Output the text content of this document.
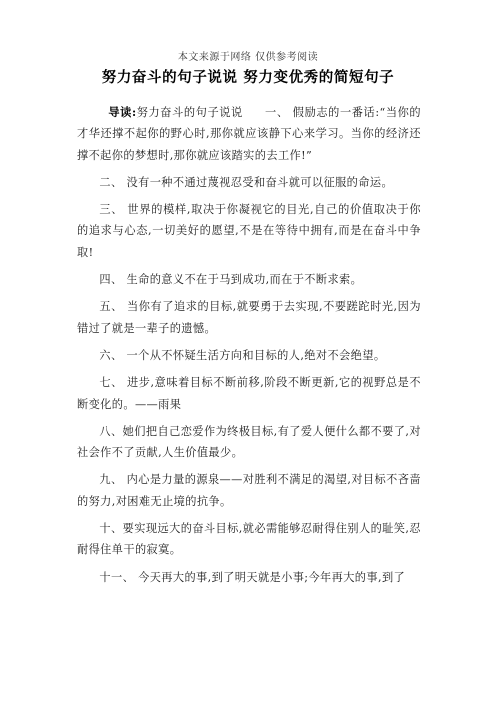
本文来源于网络 仅供参考阅读
努力奋斗的句子说说 努力变优秀的简短句子

导读:努力奋斗的句子说说 一、 假励志的一番话:“当你的才华还撑不起你的野心时,那你就应该静下心来学习。当你的经济还撑不起你的梦想时,那你就应该踏实的去工作!”

二、 没有一种不通过蔑视忍受和奋斗就可以征服的命运。

三、 世界的模样,取决于你凝视它的目光,自己的价值取决于你的追求与心态,一切美好的愿望,不是在等待中拥有,而是在奋斗中争取!

四、 生命的意义不在于马到成功,而在于不断求索。

五、 当你有了追求的目标,就要勇于去实现,不要蹉跎时光,因为错过了就是一辈子的遗憾。

六、 一个从不怀疑生活方向和目标的人,绝对不会绝望。

七、 进步,意味着目标不断前移,阶段不断更新,它的视野总是不断变化的。——雨果

八、她们把自己恋爱作为终极目标,有了爱人便什么都不要了,对社会作不了贡献,人生价值最少。

九、 内心是力量的源泉——对胜利不满足的渴望,对目标不吝啬的努力,对困难无止境的抗争。

十、要实现远大的奋斗目标,就必需能够忍耐得住别人的耻笑,忍耐得住单干的寂寞。

十一、 今天再大的事,到了明天就是小事;今年再大的事,到了
